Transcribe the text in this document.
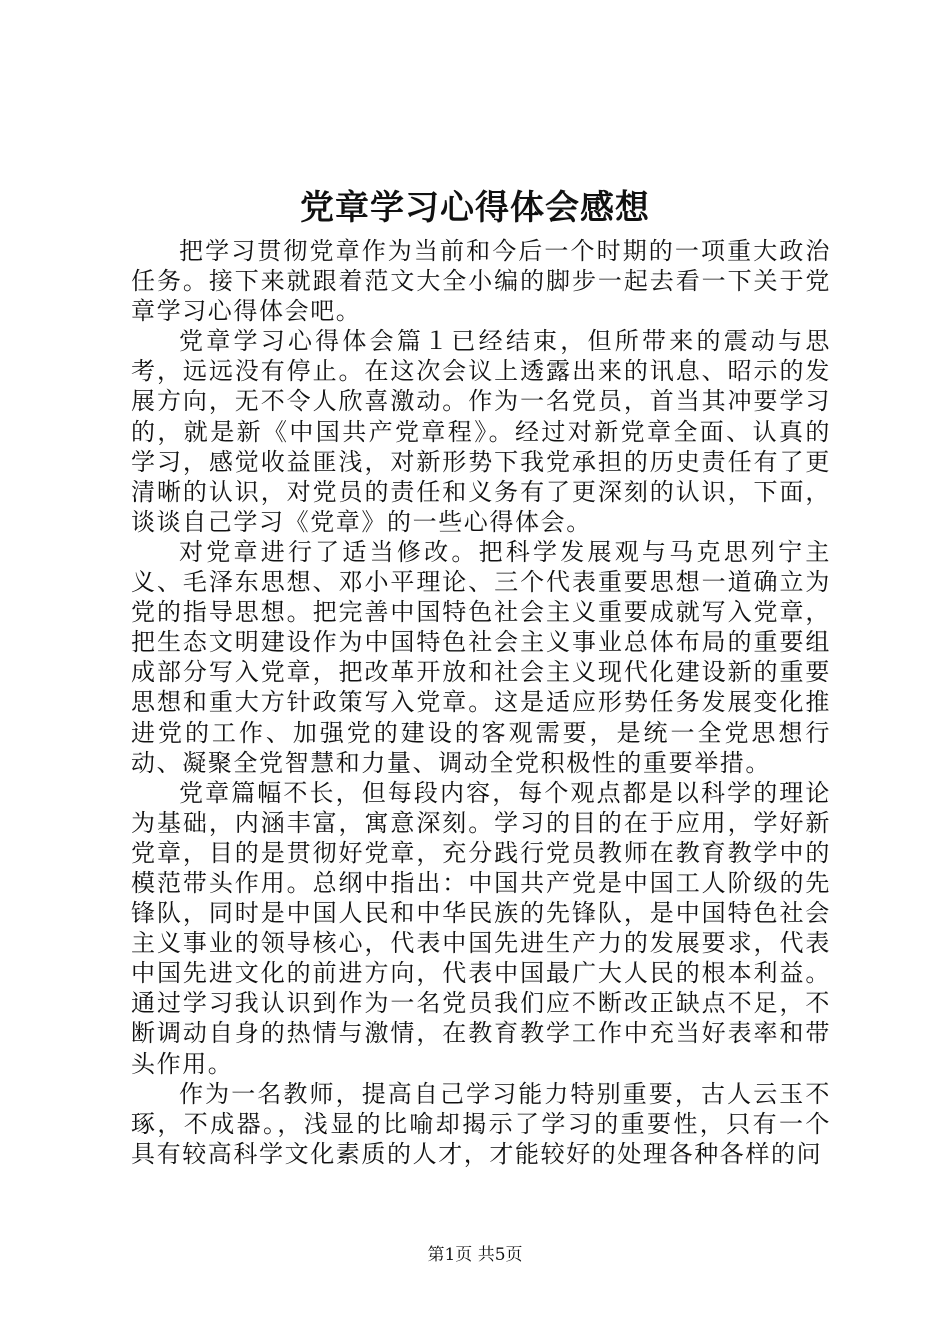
党章学习心得体会感想

把学习贯彻党章作为当前和今后一个时期的一项重大政治任务。接下来就跟着范文大全小编的脚步一起去看一下关于党章学习心得体会吧。

党章学习心得体会篇１已经结束，但所带来的震动与思考，远远没有停止。在这次会议上透露出来的讯息、昭示的发展方向，无不令人欣喜激动。作为一名党员，首当其冲要学习的，就是新《中国共产党章程》。经过对新党章全面、认真的学习，感觉收益匪浅，对新形势下我党承担的历史责任有了更清晰的认识，对党员的责任和义务有了更深刻的认识，下面，谈谈自己学习《党章》的一些心得体会。

对党章进行了适当修改。把科学发展观与马克思列宁主义、毛泽东思想、邓小平理论、三个代表重要思想一道确立为党的指导思想。把完善中国特色社会主义重要成就写入党章，把生态文明建设作为中国特色社会主义事业总体布局的重要组成部分写入党章，把改革开放和社会主义现代化建设新的重要思想和重大方针政策写入党章。这是适应形势任务发展变化推进党的工作、加强党的建设的客观需要，是统一全党思想行动、凝聚全党智慧和力量、调动全党积极性的重要举措。

党章篇幅不长，但每段内容，每个观点都是以科学的理论为基础，内涵丰富，寓意深刻。学习的目的在于应用，学好新党章，目的是贯彻好党章，充分践行党员教师在教育教学中的模范带头作用。总纲中指出：中国共产党是中国工人阶级的先锋队，同时是中国人民和中华民族的先锋队，是中国特色社会主义事业的领导核心，代表中国先进生产力的发展要求，代表中国先进文化的前进方向，代表中国最广大人民的根本利益。通过学习我认识到作为一名党员我们应不断改正缺点不足，不断调动自身的热情与激情，在教育教学工作中充当好表率和带头作用。

作为一名教师，提高自己学习能力特别重要，古人云玉不琢，不成器。，浅显的比喻却揭示了学习的重要性，只有一个具有较高科学文化素质的人才，才能较好的处理各种各样的问

第1页 共5页
